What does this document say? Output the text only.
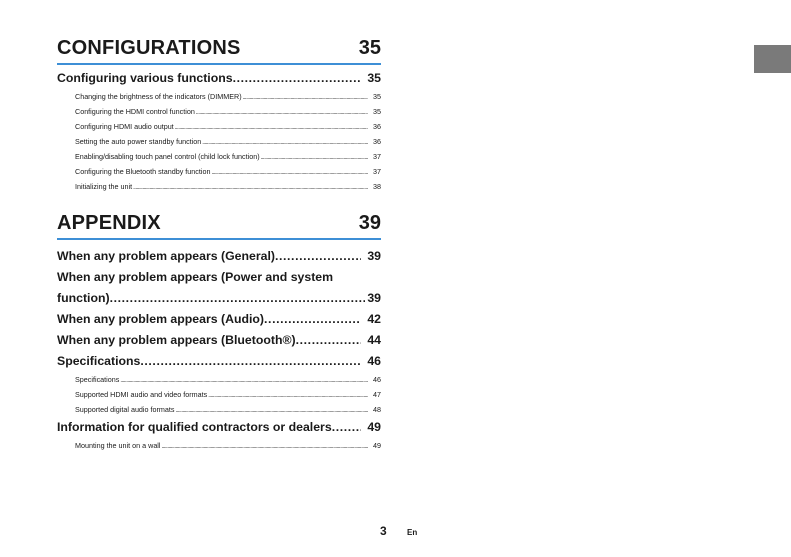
CONFIGURATIONS	35
Configuring various functions .....	35
Changing the brightness of the indicators (DIMMER) .....	35
Configuring the HDMI control function .....	35
Configuring HDMI audio output .....	36
Setting the auto power standby function .....	36
Enabling/disabling touch panel control (child lock function) .....	37
Configuring the Bluetooth standby function .....	37
Initializing the unit .....	38
APPENDIX	39
When any problem appears (General) .....	39
When any problem appears (Power and system
function) .....	39
When any problem appears (Audio) .....	42
When any problem appears (Bluetooth®) .....	44
Specifications .....	46
Specifications .....	46
Supported HDMI audio and video formats .....	47
Supported digital audio formats .....	48
Information for qualified contractors or dealers .....	49
Mounting the unit on a wall .....	49
3	En
